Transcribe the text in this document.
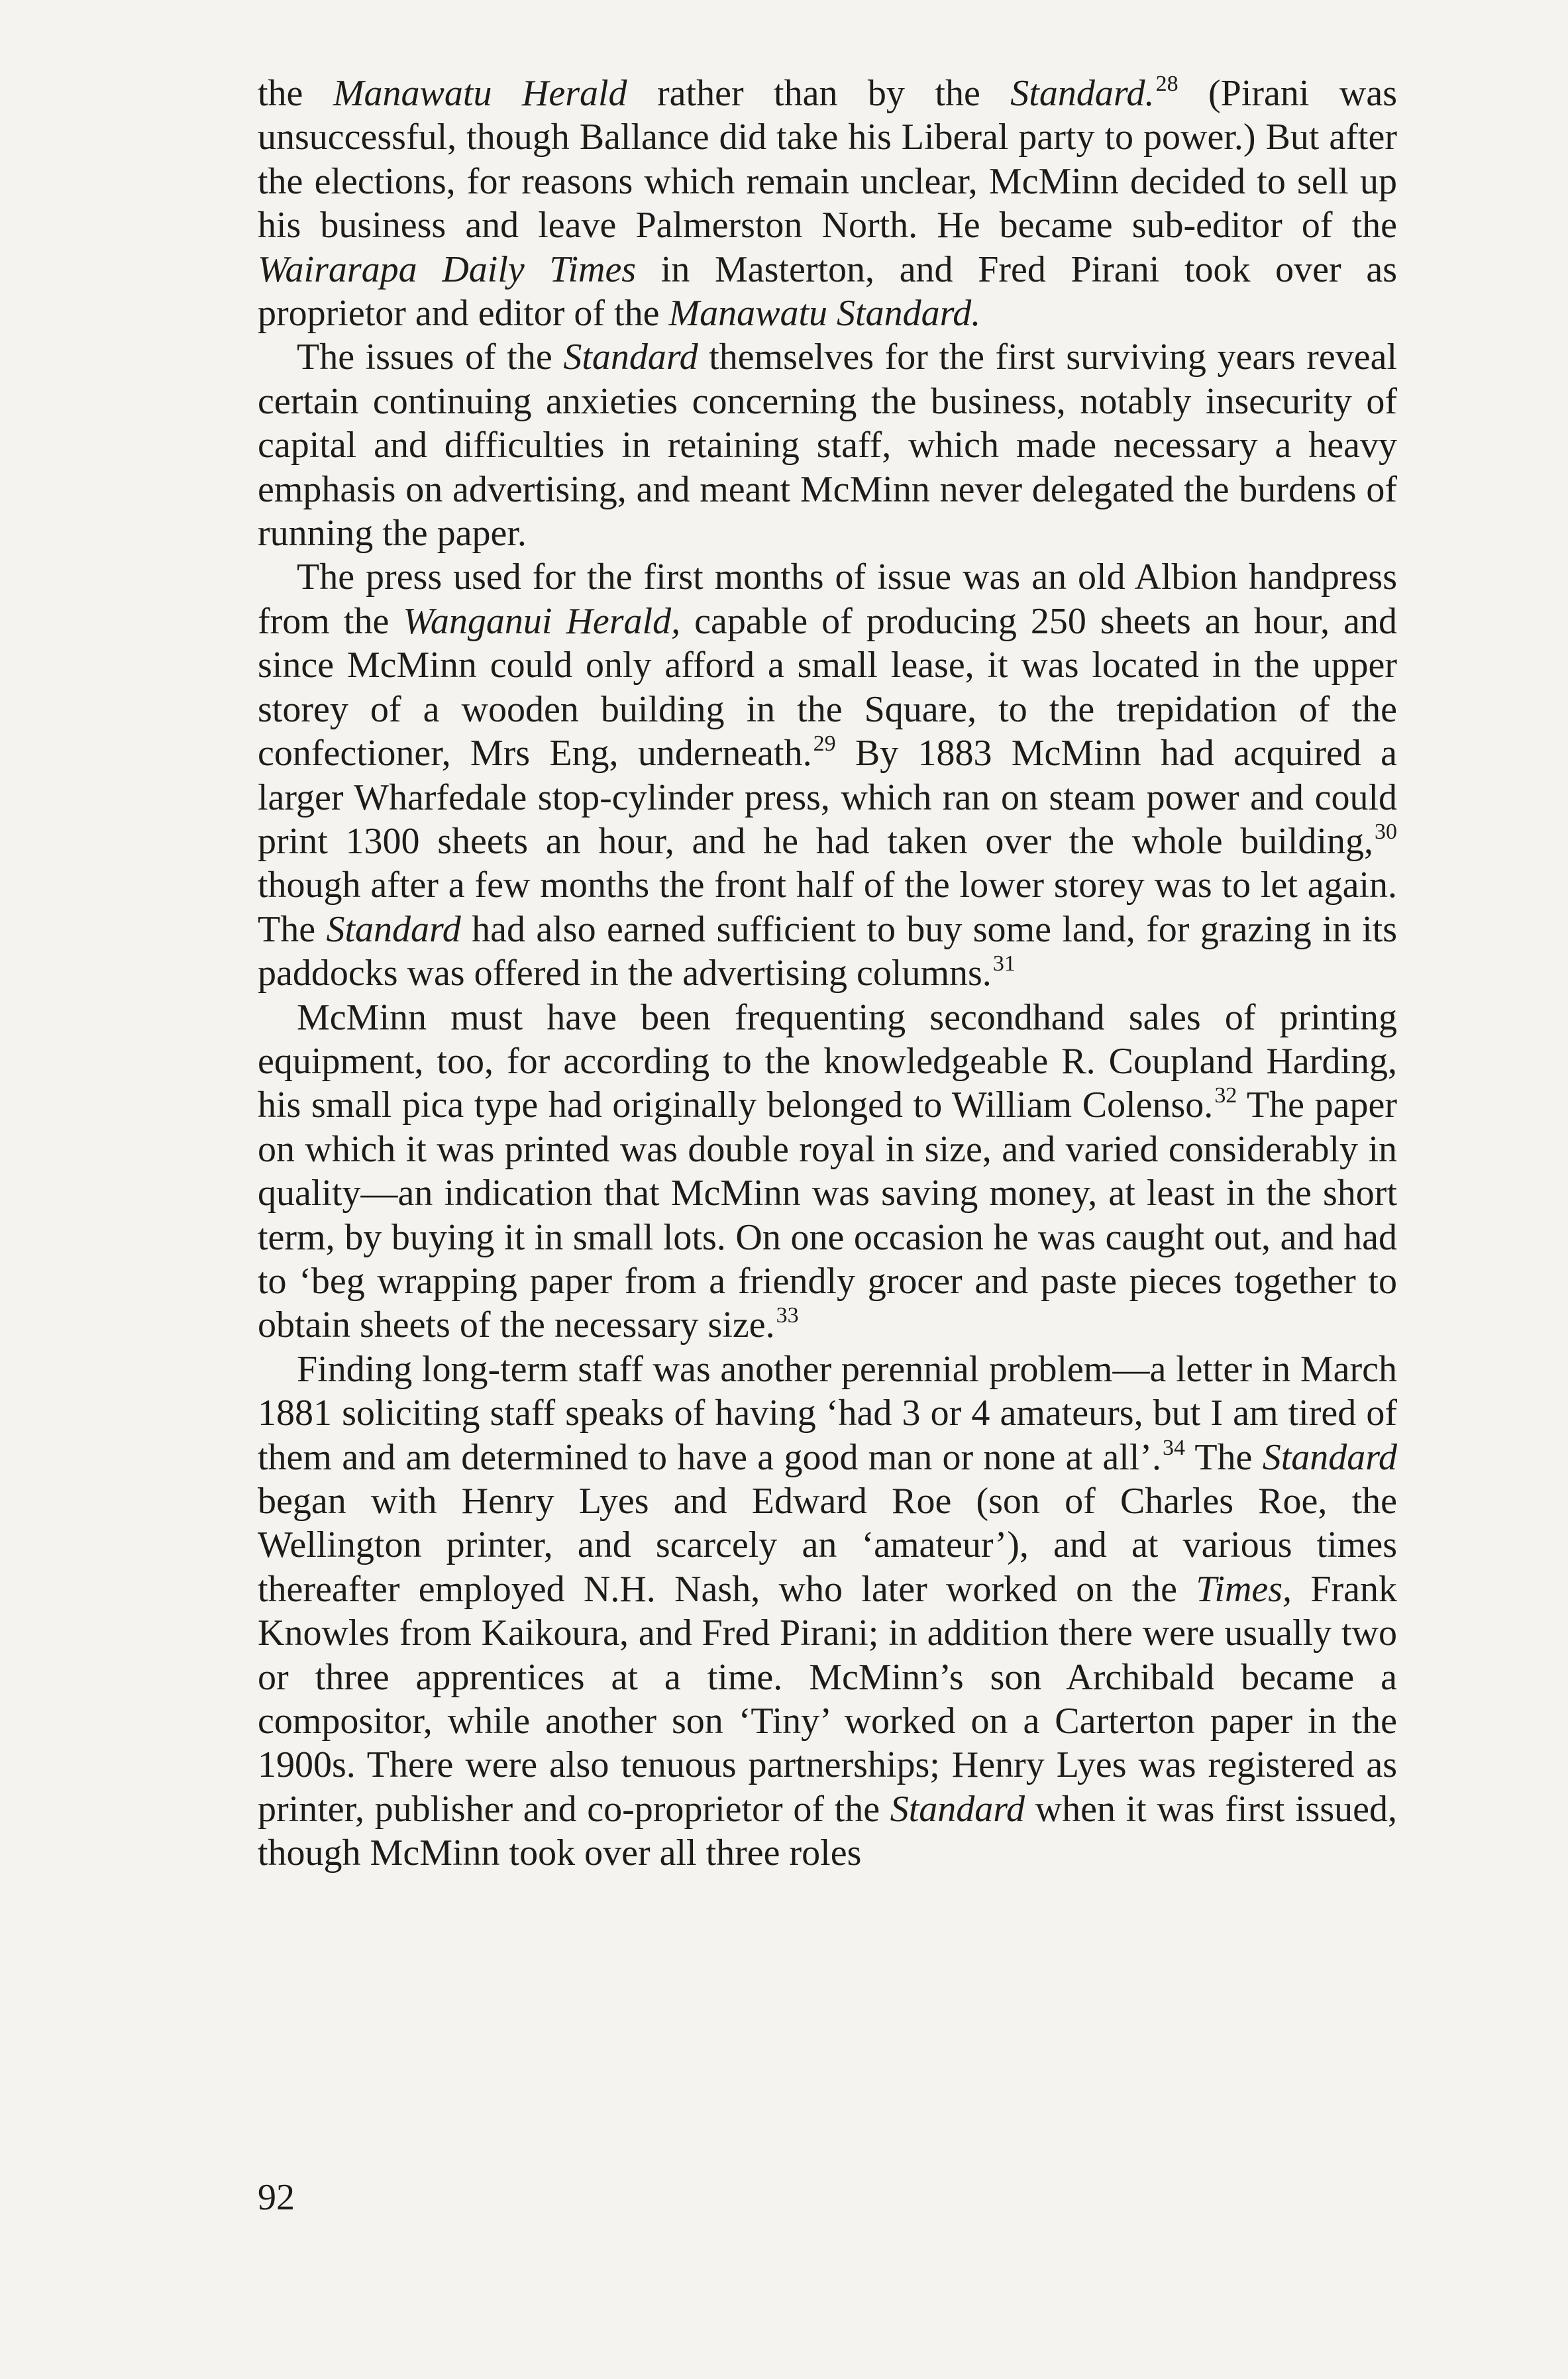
the Manawatu Herald rather than by the Standard.$^{28}$ (Pirani was unsuccessful, though Ballance did take his Liberal party to power.) But after the elections, for reasons which remain unclear, McMinn decided to sell up his business and leave Palmerston North. He became sub-editor of the Wairarapa Daily Times in Masterton, and Fred Pirani took over as proprietor and editor of the Manawatu Standard.

The issues of the Standard themselves for the first surviving years reveal certain continuing anxieties concerning the business, notably insecurity of capital and difficulties in retaining staff, which made necessary a heavy emphasis on advertising, and meant McMinn never delegated the burdens of running the paper.

The press used for the first months of issue was an old Albion handpress from the Wanganui Herald, capable of producing 250 sheets an hour, and since McMinn could only afford a small lease, it was located in the upper storey of a wooden building in the Square, to the trepidation of the confectioner, Mrs Eng, underneath.$^{29}$ By 1883 McMinn had acquired a larger Wharfedale stop-cylinder press, which ran on steam power and could print 1300 sheets an hour, and he had taken over the whole building,$^{30}$ though after a few months the front half of the lower storey was to let again. The Standard had also earned sufficient to buy some land, for grazing in its paddocks was offered in the advertising columns.$^{31}$

McMinn must have been frequenting secondhand sales of printing equipment, too, for according to the knowledgeable R. Coupland Harding, his small pica type had originally belonged to William Colenso.$^{32}$ The paper on which it was printed was double royal in size, and varied considerably in quality—an indication that McMinn was saving money, at least in the short term, by buying it in small lots. On one occasion he was caught out, and had to ‘beg wrapping paper from a friendly grocer and paste pieces together to obtain sheets of the necessary size.$^{33}$

Finding long-term staff was another perennial problem—a letter in March 1881 soliciting staff speaks of having ‘had 3 or 4 amateurs, but I am tired of them and am determined to have a good man or none at all’.$^{34}$ The Standard began with Henry Lyes and Edward Roe (son of Charles Roe, the Wellington printer, and scarcely an ‘amateur’), and at various times thereafter employed N.H. Nash, who later worked on the Times, Frank Knowles from Kaikoura, and Fred Pirani; in addition there were usually two or three apprentices at a time. McMinn’s son Archibald became a compositor, while another son ‘Tiny’ worked on a Carterton paper in the 1900s. There were also tenuous partnerships; Henry Lyes was registered as printer, publisher and co-proprietor of the Standard when it was first issued, though McMinn took over all three roles

92
